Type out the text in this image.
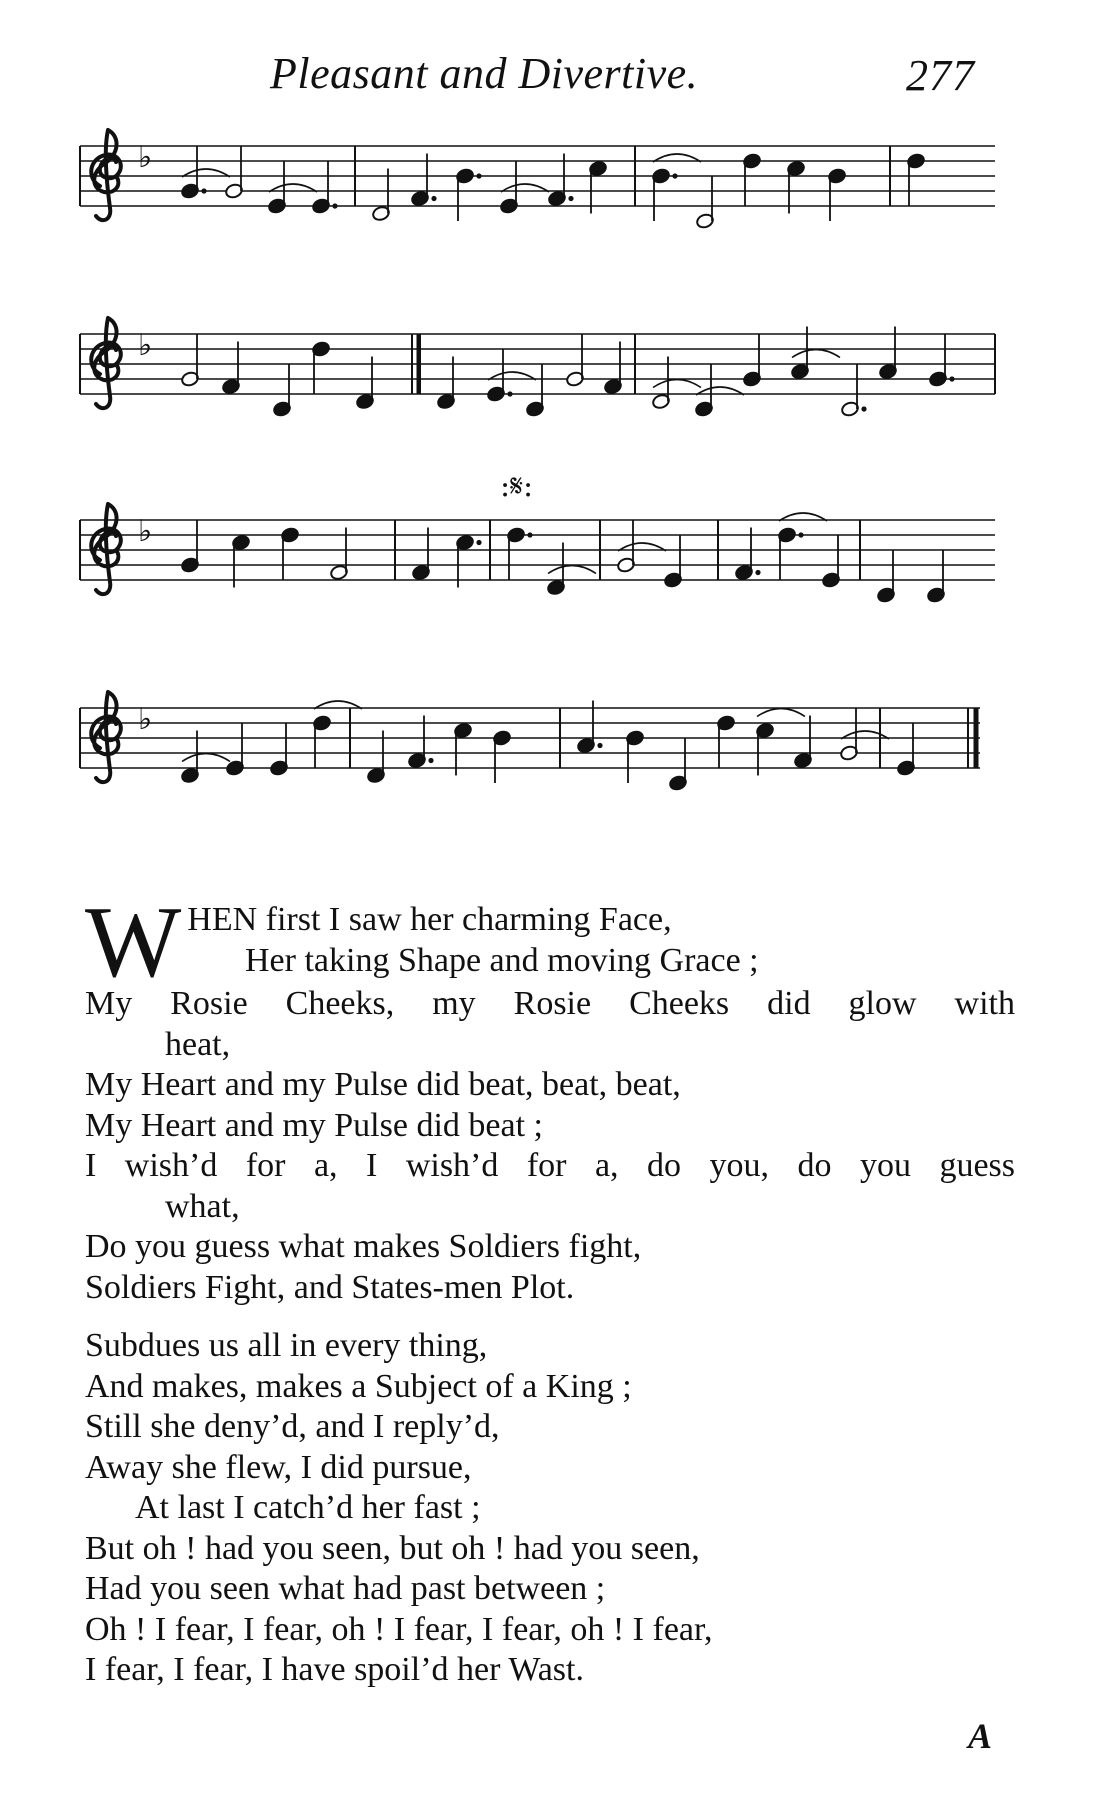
Pleasant and Divertive.	277
♭
♭
♭
:𝄋:
♭
W HEN first I saw her charming Face,
Her taking Shape and moving Grace ;
My Rosie Cheeks, my Rosie Cheeks did glow with
heat,
My Heart and my Pulse did beat, beat, beat,
My Heart and my Pulse did beat ;
I wish’d for a, I wish’d for a, do you, do you guess
what,
Do you guess what makes Soldiers fight,
Soldiers Fight, and States-men Plot.
Subdues us all in every thing,
And makes, makes a Subject of a King ;
Still she deny’d, and I reply’d,
Away she flew, I did pursue,
At last I catch’d her fast ;
But oh ! had you seen, but oh ! had you seen,
Had you seen what had past between ;
Oh ! I fear, I fear, oh ! I fear, I fear, oh ! I fear,
I fear, I fear, I have spoil’d her Wast.
A
